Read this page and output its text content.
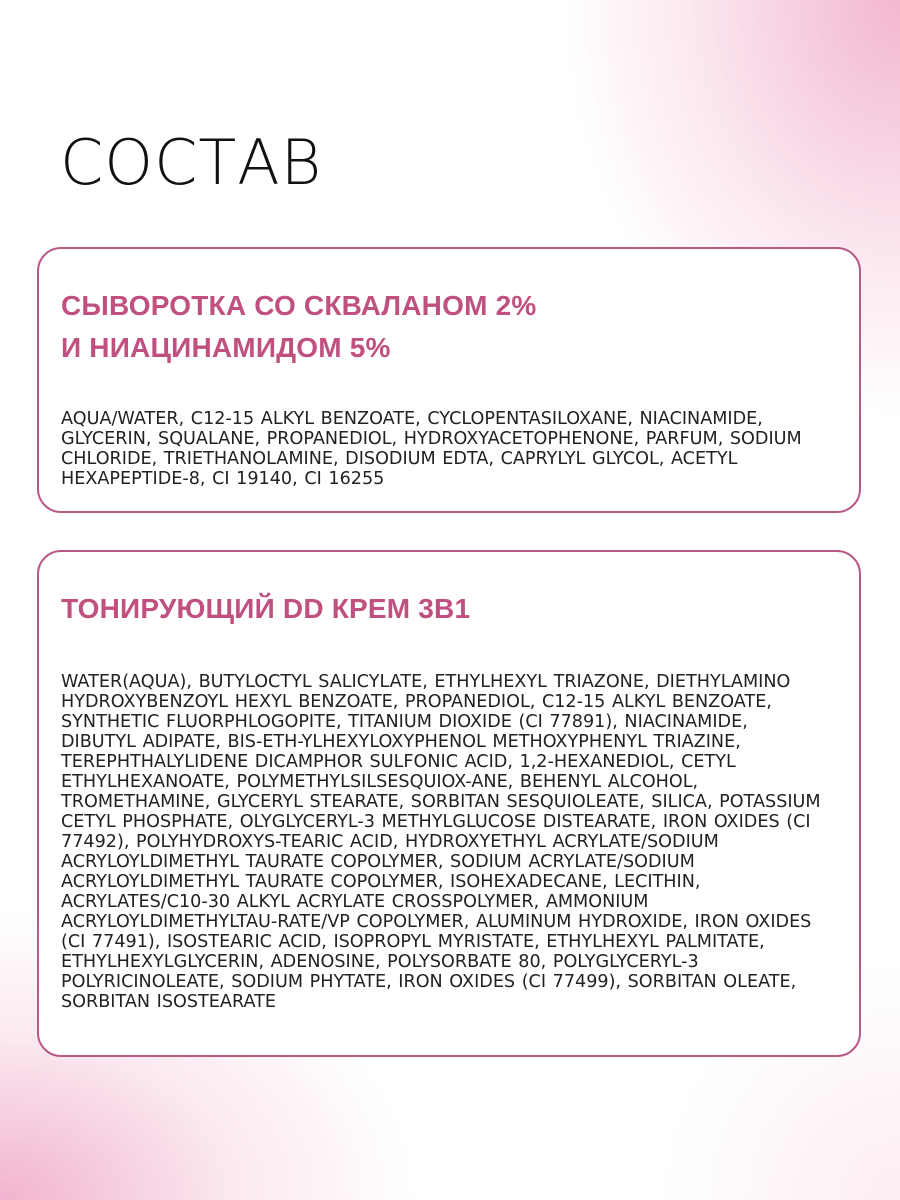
СОСТАВ
СЫВОРОТКА СО СКВАЛАНОМ 2%
И НИАЦИНАМИДОМ 5%

AQUA/WATER, C12-15 ALKYL BENZOATE, CYCLOPENTASILOXANE, NIACINAMIDE, GLYCERIN, SQUALANE, PROPANEDIOL, HYDROXYACETOPHENONE, PARFUM, SODIUM CHLORIDE, TRIETHANOLAMINE, DISODIUM EDTA, CAPRYLYL GLYCOL, ACETYL HEXAPEPTIDE-8, CI 19140, CI 16255

ТОНИРУЮЩИЙ DD КРЕМ 3В1

WATER(AQUA), BUTYLOCTYL SALICYLATE, ETHYLHEXYL TRIAZONE, DIETHYLAMINO HYDROXYBENZOYL HEXYL BENZOATE, PROPANEDIOL, C12-15 ALKYL BENZOATE, SYNTHETIC FLUORPHLOGOPITE, TITANIUM DIOXIDE (CI 77891), NIACINAMIDE, DIBUTYL ADIPATE, BIS-ETH-YLHEXYLOXYPHENOL METHOXYPHENYL TRIAZINE, TEREPHTHALYLIDENE DICAMPHOR SULFONIC ACID, 1,2-HEXANEDIOL, CETYL ETHYLHEXANOATE, POLYMETHYLSILSESQUIOX-ANE, BEHENYL ALCOHOL, TROMETHAMINE, GLYCERYL STEARATE, SORBITAN SESQUIOLEATE, SILICA, POTASSIUM CETYL PHOSPHATE, OLYGLYCERYL-3 METHYLGLUCOSE DISTEARATE, IRON OXIDES (CI 77492), POLYHYDROXYS-TEARIC ACID, HYDROXYETHYL ACRYLATE/SODIUM ACRYLOYLDIMETHYL TAURATE COPOLYMER, SODIUM ACRYLATE/SODIUM ACRYLOYLDIMETHYL TAURATE COPOLYMER, ISOHEXADECANE, LECITHIN, ACRYLATES/C10-30 ALKYL ACRYLATE CROSSPOLYMER, AMMONIUM ACRYLOYLDIMETHYLTAU-RATE/VP COPOLYMER, ALUMINUM HYDROXIDE, IRON OXIDES (CI 77491), ISOSTEARIC ACID, ISOPROPYL MYRISTATE, ETHYLHEXYL PALMITATE, ETHYLHEXYLGLYCERIN, ADENOSINE, POLYSORBATE 80, POLYGLYCERYL-3 POLYRICINOLEATE, SODIUM PHYTATE, IRON OXIDES (CI 77499), SORBITAN OLEATE, SORBITAN ISOSTEARATE
